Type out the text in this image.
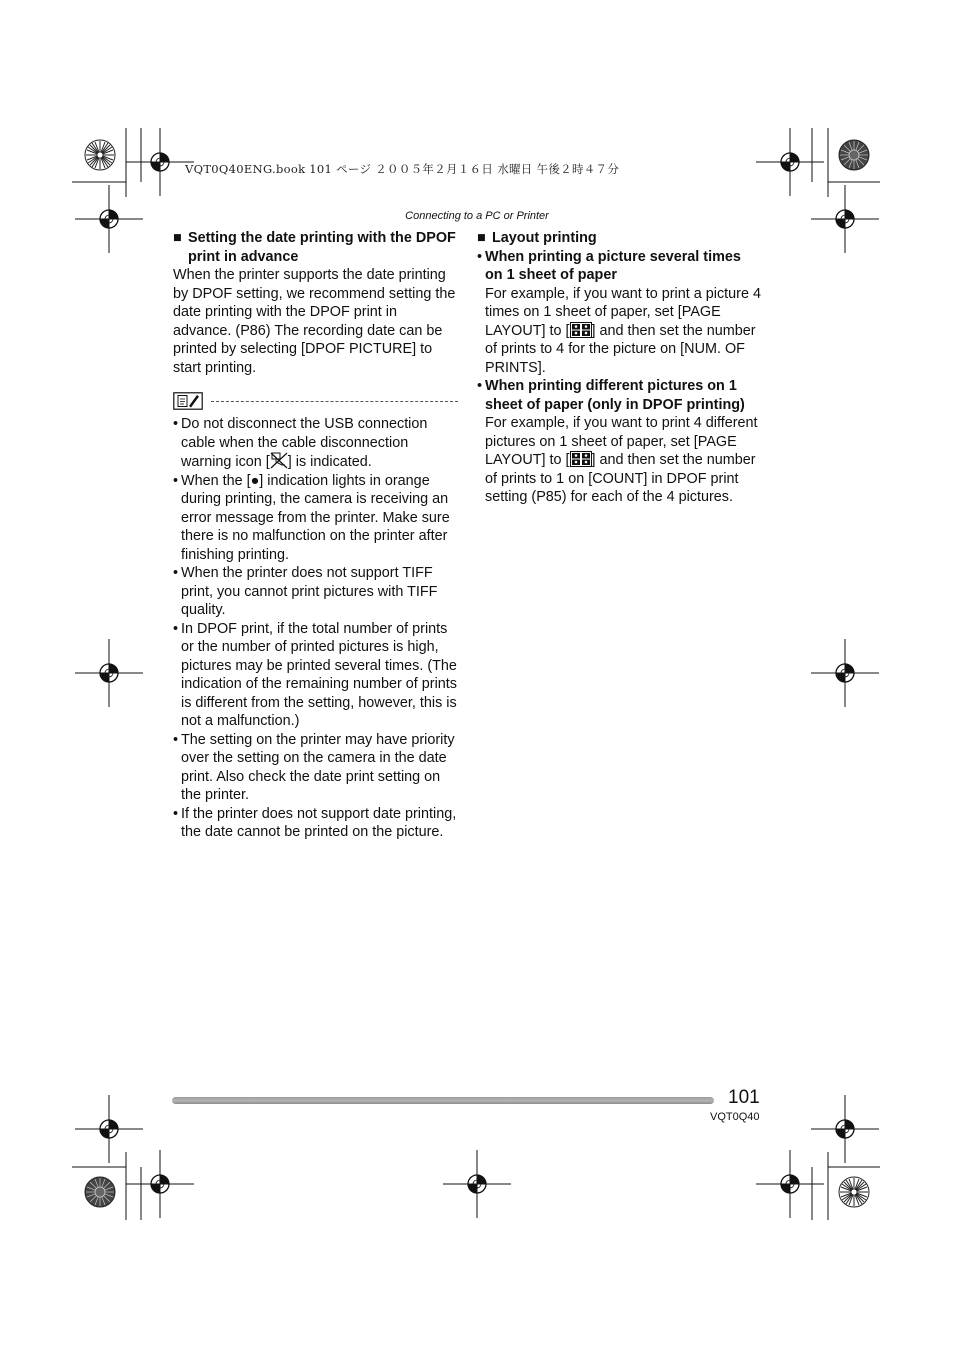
VQT0Q40ENG.book 101 ページ ２００５年２月１６日 水曜日 午後２時４７分
Connecting to a PC or Printer
■ Setting the date printing with the DPOF print in advance

When the printer supports the date printing by DPOF setting, we recommend setting the date printing with the DPOF print in advance. (P86) The recording date can be printed by selecting [DPOF PICTURE] to start printing.

• Do not disconnect the USB connection cable when the cable disconnection warning icon [ ] is indicated.
• When the [●] indication lights in orange during printing, the camera is receiving an error message from the printer. Make sure there is no malfunction on the printer after finishing printing.
• When the printer does not support TIFF print, you cannot print pictures with TIFF quality.
• In DPOF print, if the total number of prints or the number of printed pictures is high, pictures may be printed several times. (The indication of the remaining number of prints is different from the setting, however, this is not a malfunction.)
• The setting on the printer may have priority over the setting on the camera in the date print. Also check the date print setting on the printer.
• If the printer does not support date printing, the date cannot be printed on the picture.
■ Layout printing
• When printing a picture several times on 1 sheet of paper
For example, if you want to print a picture 4 times on 1 sheet of paper, set [PAGE LAYOUT] to [ ] and then set the number of prints to 4 for the picture on [NUM. OF PRINTS].
• When printing different pictures on 1 sheet of paper (only in DPOF printing)
For example, if you want to print 4 different pictures on 1 sheet of paper, set [PAGE LAYOUT] to [ ] and then set the number of prints to 1 on [COUNT] in DPOF print setting (P85) for each of the 4 pictures.
101
VQT0Q40
